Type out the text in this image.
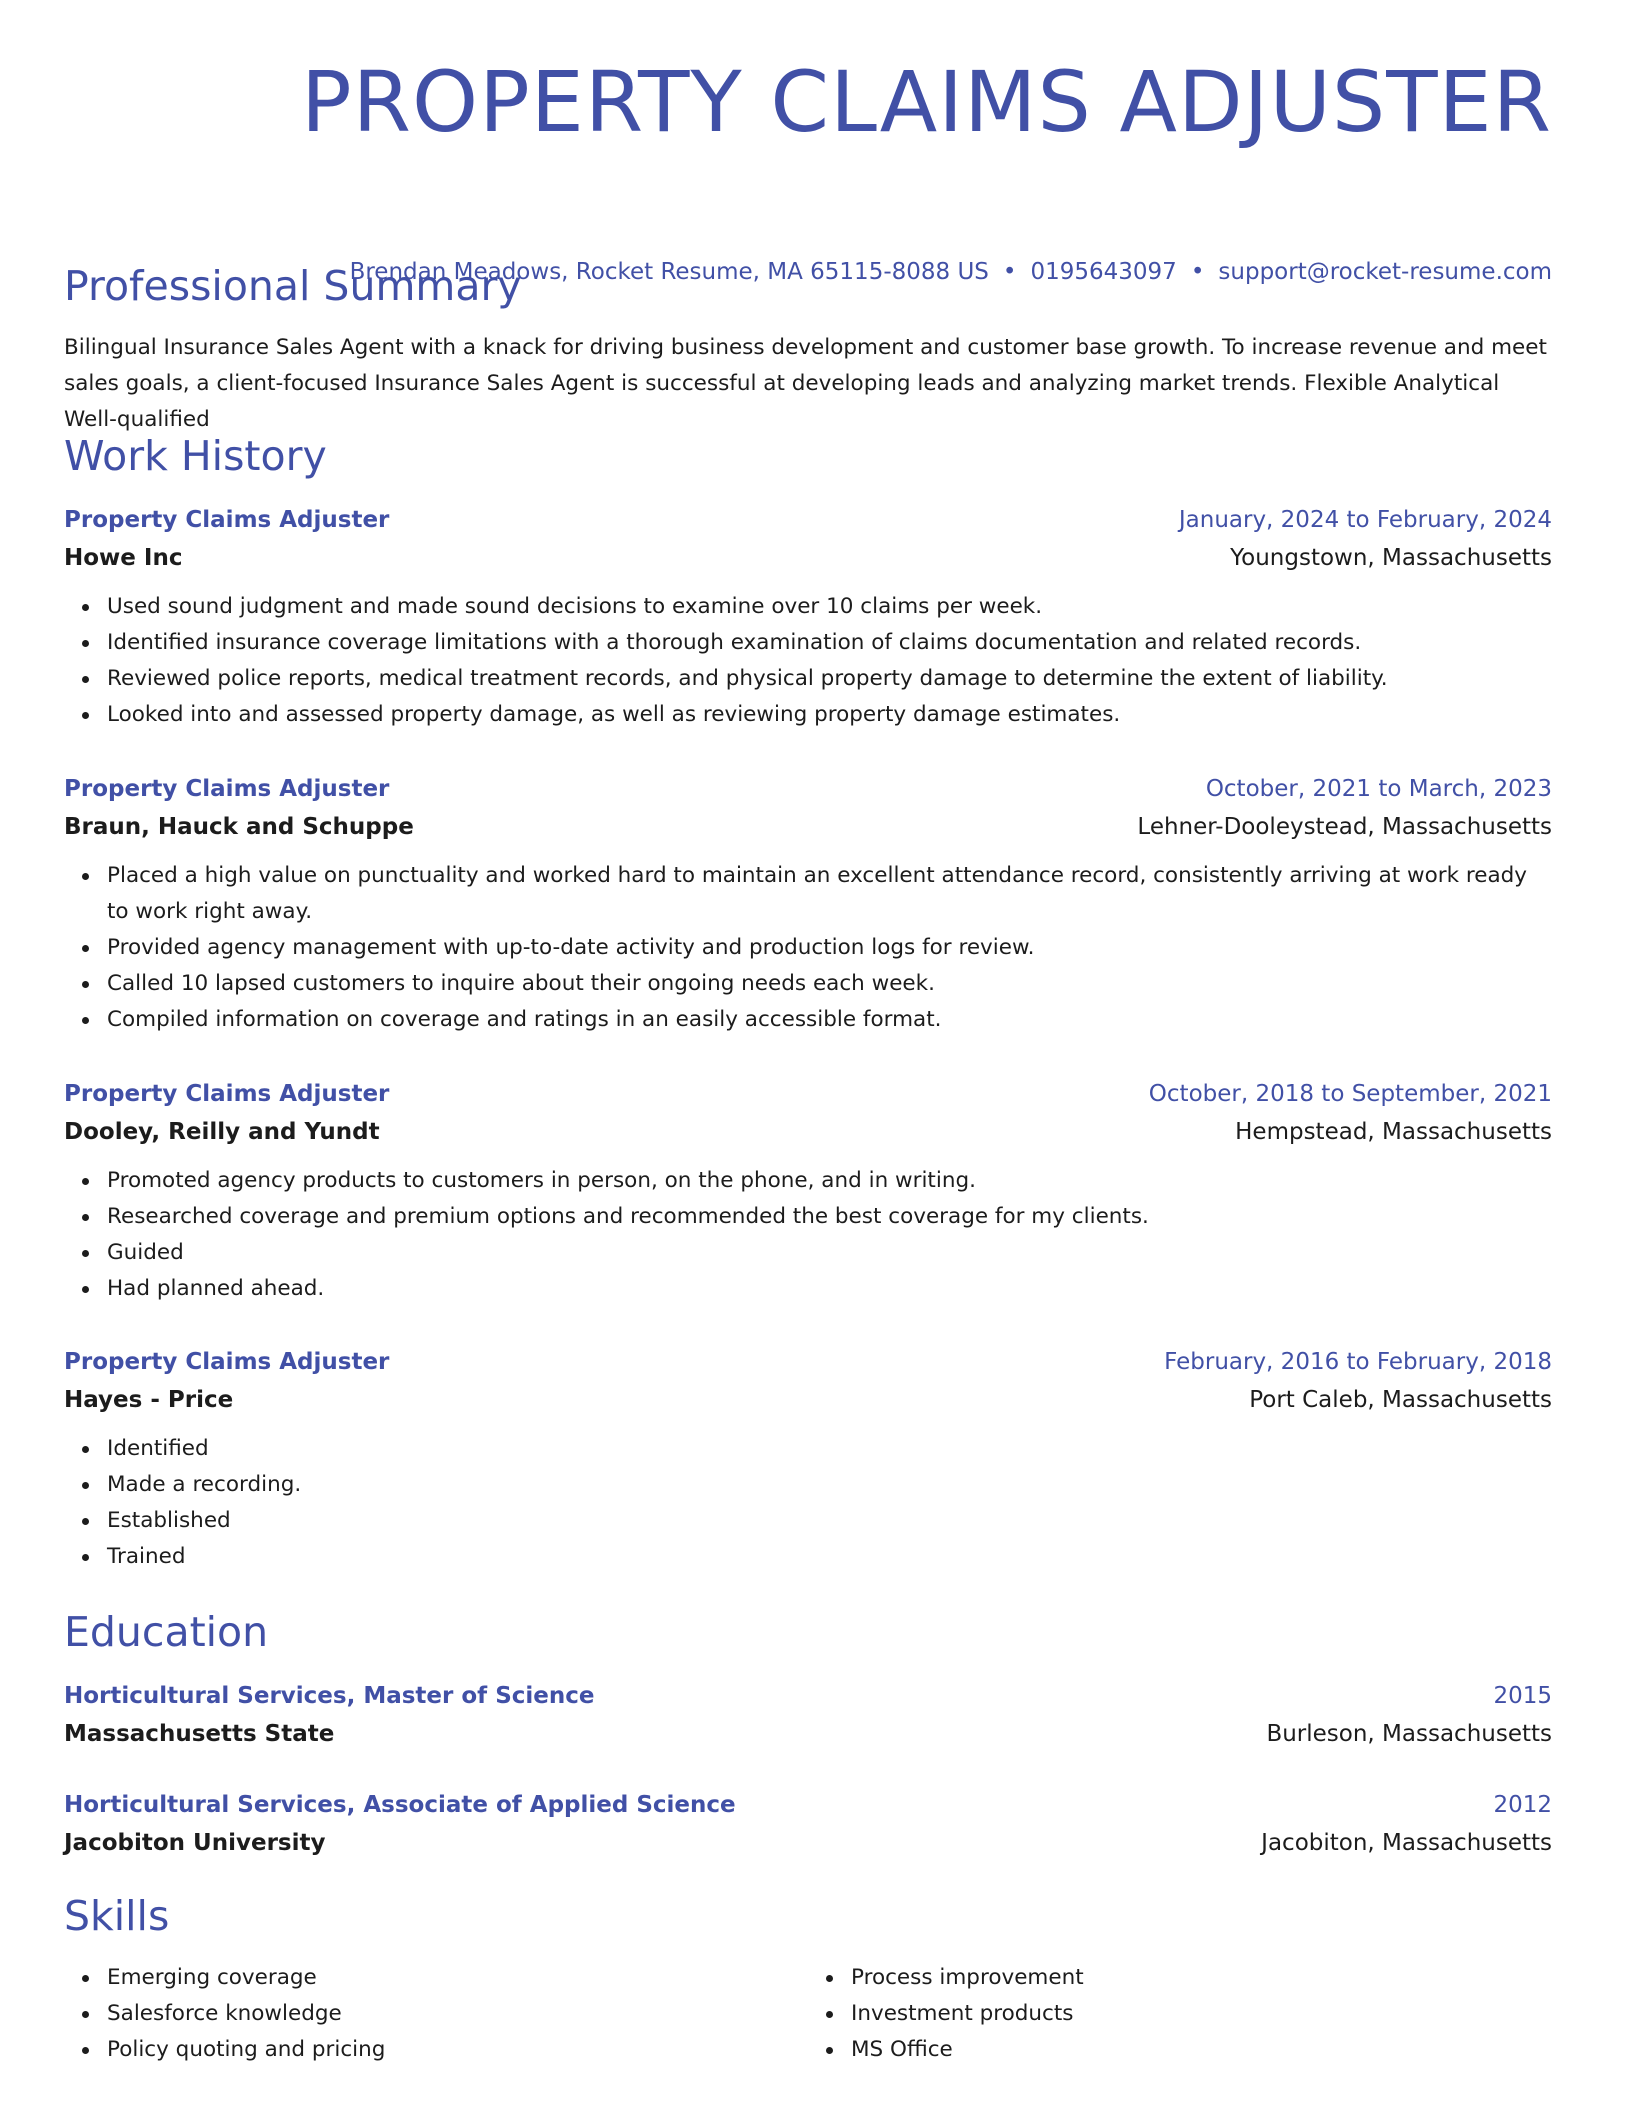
PROPERTY CLAIMS ADJUSTER
Brendan Meadows, Rocket Resume, MA 65115-8088 US • 0195643097 • support@rocket-resume.com
Professional Summary
Bilingual Insurance Sales Agent with a knack for driving business development and customer base growth. To increase revenue and meet sales goals, a client-focused Insurance Sales Agent is successful at developing leads and analyzing market trends. Flexible Analytical Well-qualified
Work History
Property Claims Adjuster	January, 2024 to February, 2024
Howe Inc	Youngstown, Massachusetts
Used sound judgment and made sound decisions to examine over 10 claims per week.
Identified insurance coverage limitations with a thorough examination of claims documentation and related records.
Reviewed police reports, medical treatment records, and physical property damage to determine the extent of liability.
Looked into and assessed property damage, as well as reviewing property damage estimates.
Property Claims Adjuster	October, 2021 to March, 2023
Braun, Hauck and Schuppe	Lehner-Dooleystead, Massachusetts
Placed a high value on punctuality and worked hard to maintain an excellent attendance record, consistently arriving at work ready to work right away.
Provided agency management with up-to-date activity and production logs for review.
Called 10 lapsed customers to inquire about their ongoing needs each week.
Compiled information on coverage and ratings in an easily accessible format.
Property Claims Adjuster	October, 2018 to September, 2021
Dooley, Reilly and Yundt	Hempstead, Massachusetts
Promoted agency products to customers in person, on the phone, and in writing.
Researched coverage and premium options and recommended the best coverage for my clients.
Guided
Had planned ahead.
Property Claims Adjuster	February, 2016 to February, 2018
Hayes - Price	Port Caleb, Massachusetts
Identified
Made a recording.
Established
Trained
Education
Horticultural Services, Master of Science	2015
Massachusetts State	Burleson, Massachusetts
Horticultural Services, Associate of Applied Science	2012
Jacobiton University	Jacobiton, Massachusetts
Skills
Emerging coverage
Salesforce knowledge
Policy quoting and pricing
Process improvement
Investment products
MS Office
